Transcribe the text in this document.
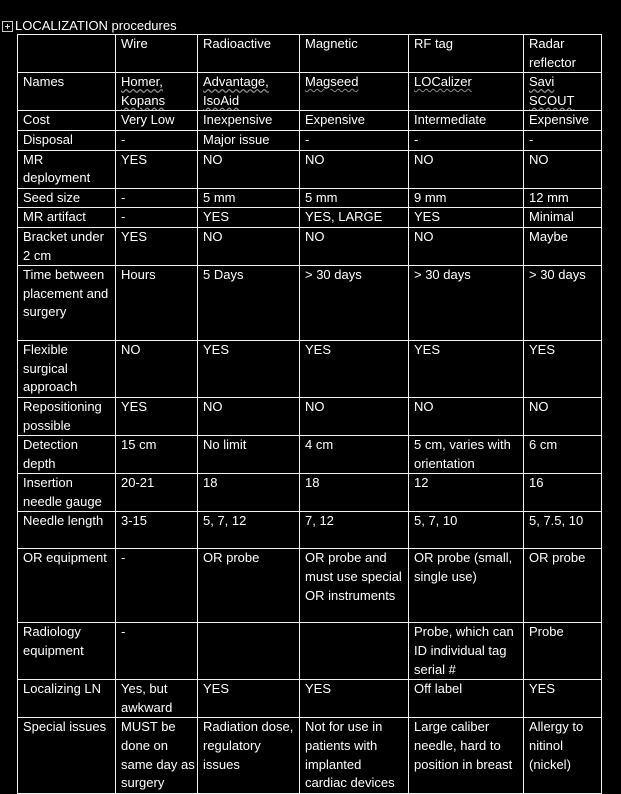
LOCALIZATION procedures
	Wire	Radioactive	Magnetic	RF tag	Radar reflector
Names	Homer, Kopans	Advantage, IsoAid	Magseed	LOCalizer	Savi SCOUT
Cost	Very Low	Inexpensive	Expensive	Intermediate	Expensive
Disposal	-	Major issue	-	-	-
MR deployment	YES	NO	NO	NO	NO
Seed size	-	5 mm	5 mm	9 mm	12 mm
MR artifact	-	YES	YES, LARGE	YES	Minimal
Bracket under 2 cm	YES	NO	NO	NO	Maybe
Time between placement and surgery	Hours	5 Days	> 30 days	> 30 days	> 30 days
Flexible surgical approach	NO	YES	YES	YES	YES
Repositioning possible	YES	NO	NO	NO	NO
Detection depth	15 cm	No limit	4 cm	5 cm, varies with orientation	6 cm
Insertion needle gauge	20-21	18	18	12	16
Needle length	3-15	5, 7, 12	7, 12	5, 7, 10	5, 7.5, 10
OR equipment	-	OR probe	OR probe and must use special OR instruments	OR probe (small, single use)	OR probe
Radiology equipment	-			Probe, which can ID individual tag serial #	Probe
Localizing LN	Yes, but awkward	YES	YES	Off label	YES
Special issues	MUST be done on same day as surgery	Radiation dose, regulatory issues	Not for use in patients with implanted cardiac devices	Large caliber needle, hard to position in breast	Allergy to nitinol (nickel)
